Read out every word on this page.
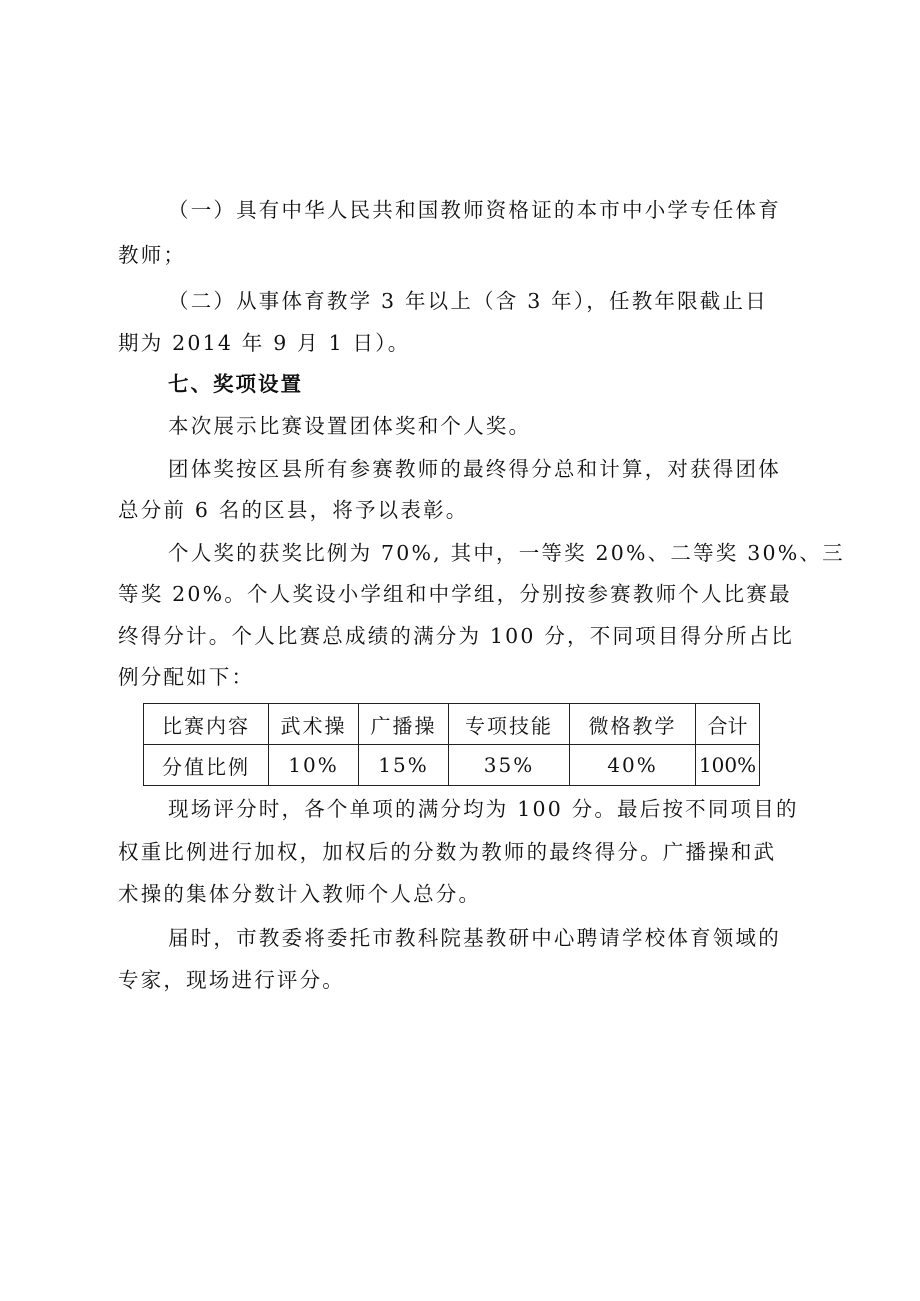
（一）具有中华人民共和国教师资格证的本市中小学专任体育
教师；
（二）从事体育教学 3 年以上（含 3 年），任教年限截止日
期为 2014 年 9 月 1 日）。
七、奖项设置
本次展示比赛设置团体奖和个人奖。
团体奖按区县所有参赛教师的最终得分总和计算，对获得团体
总分前 6 名的区县，将予以表彰。
个人奖的获奖比例为 70%, 其中，一等奖 20%、二等奖 30%、三
等奖 20%。个人奖设小学组和中学组，分别按参赛教师个人比赛最
终得分计。个人比赛总成绩的满分为 100 分，不同项目得分所占比
例分配如下：
比赛内容	武术操	广播操	专项技能	微格教学	合计
分值比例	10%	15%	35%	40%	100%
现场评分时，各个单项的满分均为 100 分。最后按不同项目的
权重比例进行加权，加权后的分数为教师的最终得分。广播操和武
术操的集体分数计入教师个人总分。
届时，市教委将委托市教科院基教研中心聘请学校体育领域的
专家，现场进行评分。
